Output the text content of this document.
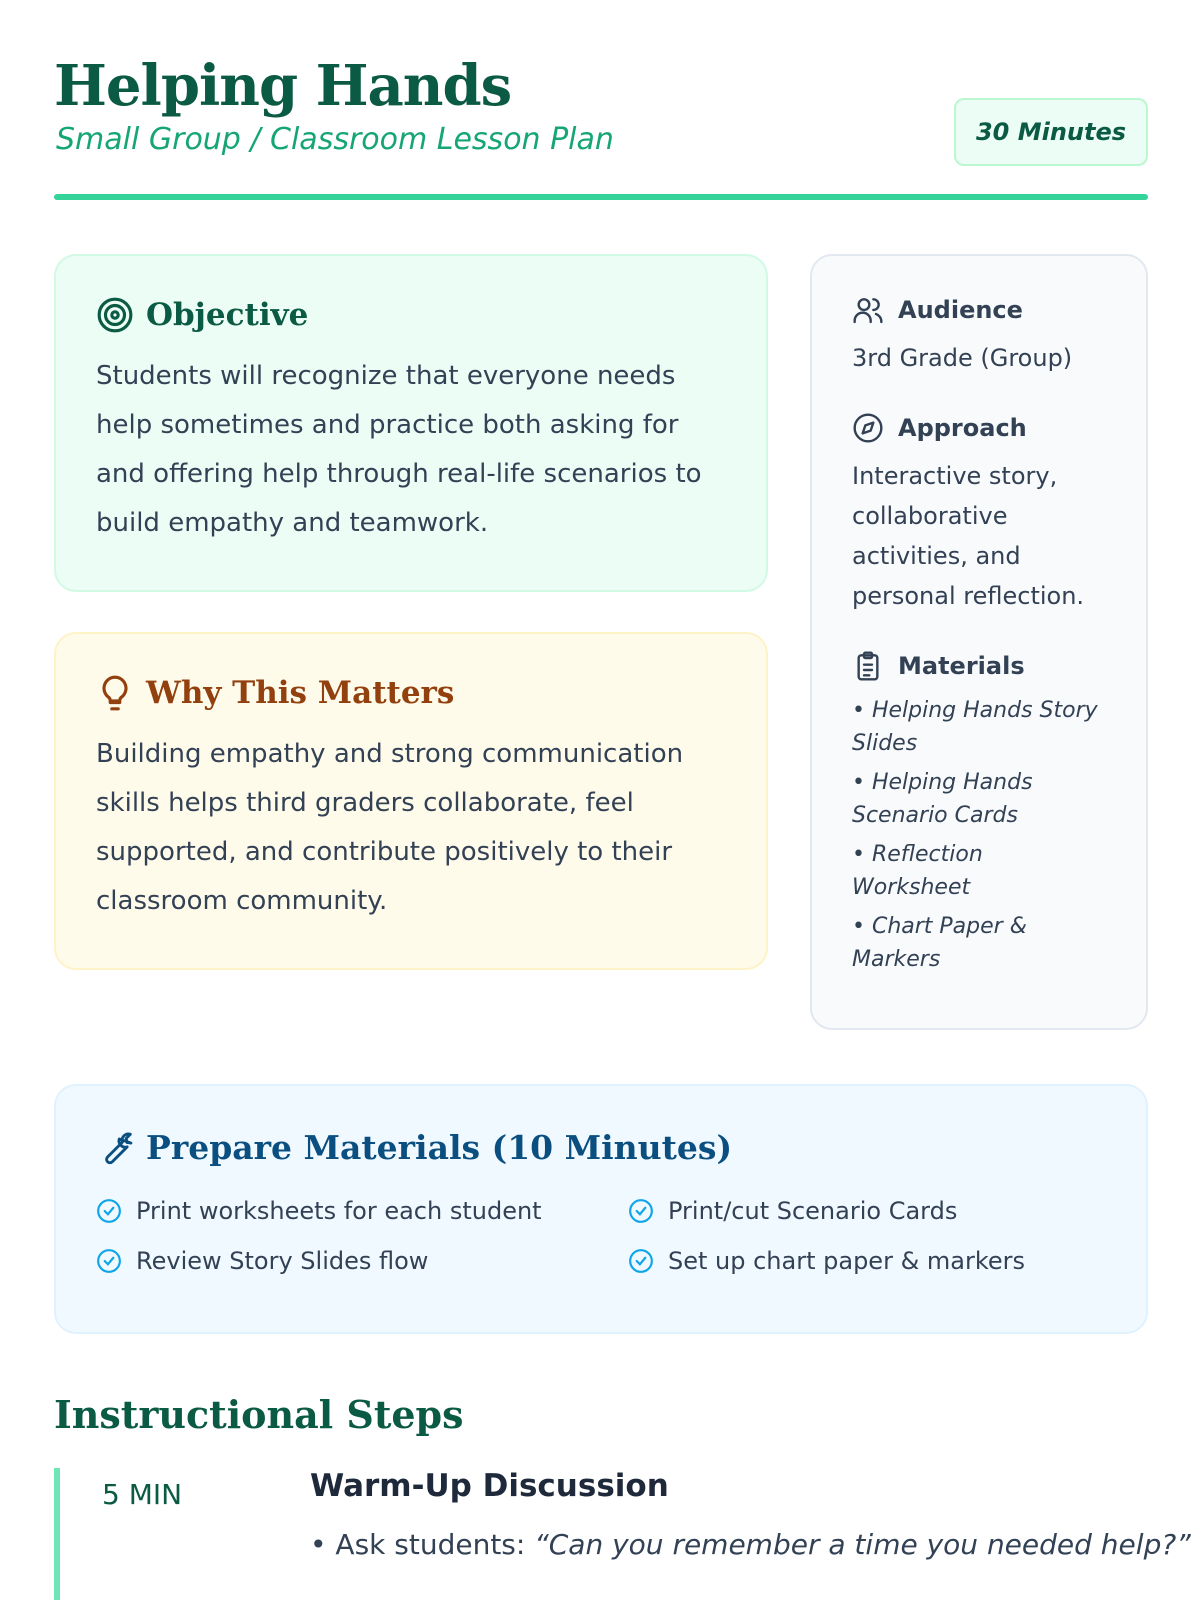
Helping Hands
Small Group / Classroom Lesson Plan	30 Minutes
Objective

Students will recognize that everyone needs help sometimes and practice both asking for and offering help through real-life scenarios to build empathy and teamwork.

Why This Matters

Building empathy and strong communication skills helps third graders collaborate, feel supported, and contribute positively to their classroom community.

Audience
3rd Grade (Group)
Approach
Interactive story, collaborative activities, and personal reflection.
Materials
• Helping Hands Story Slides
• Helping Hands Scenario Cards
• Reflection Worksheet
• Chart Paper & Markers
Prepare Materials (10 Minutes)
Print worksheets for each student	Print/cut Scenario Cards
Review Story Slides flow	Set up chart paper & markers
Instructional Steps
5 MIN	Warm-Up Discussion
• Ask students: “Can you remember a time you needed help?”
